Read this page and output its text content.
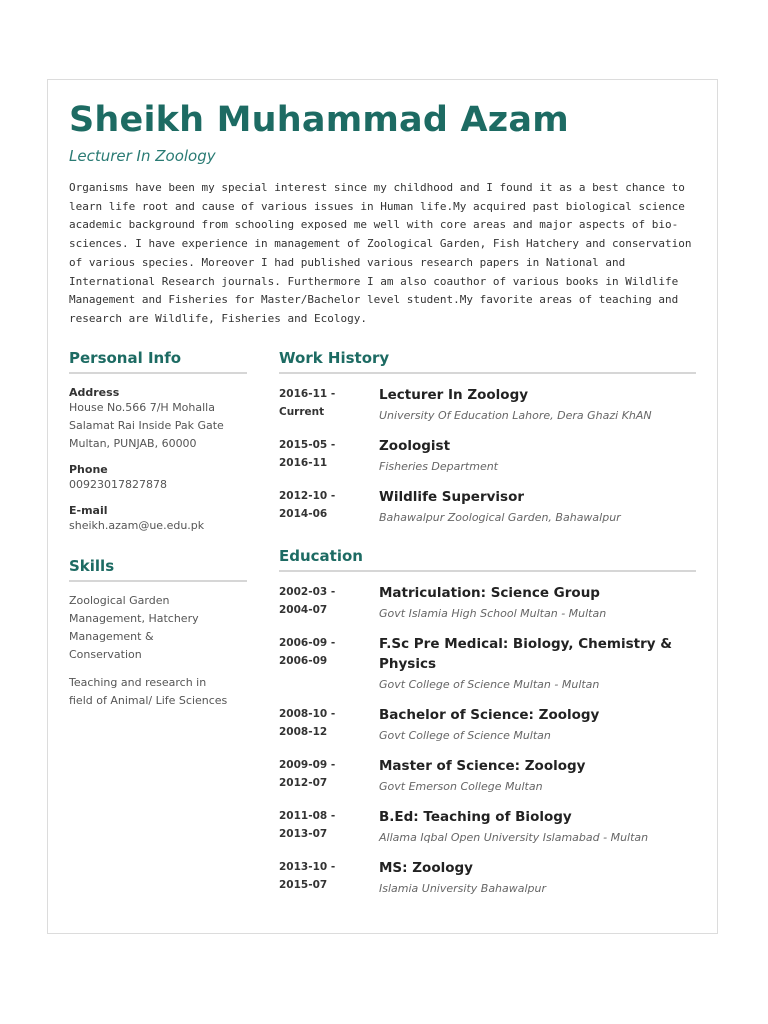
Sheikh Muhammad Azam
Lecturer In Zoology

Organisms have been my special interest since my childhood and I found it as a best chance to learn life root and cause of various issues in Human life.My acquired past biological science academic background from schooling exposed me well with core areas and major aspects of bio-sciences. I have experience in management of Zoological Garden, Fish Hatchery and conservation of various species. Moreover I had published various research papers in National and International Research journals. Furthermore I am also coauthor of various books in Wildlife Management and Fisheries for Master/Bachelor level student.My favorite areas of teaching and research are Wildlife, Fisheries and Ecology.

Personal Info
Address
House No.566 7/H Mohalla
Salamat Rai Inside Pak Gate
Multan, PUNJAB, 60000
Phone
00923017827878
E-mail
sheikh.azam@ue.edu.pk
Skills
Zoological Garden
Management, Hatchery
Management &
Conservation
Teaching and research in
field of Animal/ Life Sciences
Work History
2016-11 -
Current
Lecturer In Zoology
University Of Education Lahore, Dera Ghazi KhAN
2015-05 -
2016-11
Zoologist
Fisheries Department
2012-10 -
2014-06
Wildlife Supervisor
Bahawalpur Zoological Garden, Bahawalpur
Education
2002-03 -
2004-07
Matriculation: Science Group
Govt Islamia High School Multan - Multan
2006-09 -
2006-09
F.Sc Pre Medical: Biology, Chemistry & Physics
Govt College of Science Multan - Multan
2008-10 -
2008-12
Bachelor of Science: Zoology
Govt College of Science Multan
2009-09 -
2012-07
Master of Science: Zoology
Govt Emerson College Multan
2011-08 -
2013-07
B.Ed: Teaching of Biology
Allama Iqbal Open University Islamabad - Multan
2013-10 -
2015-07
MS: Zoology
Islamia University Bahawalpur
